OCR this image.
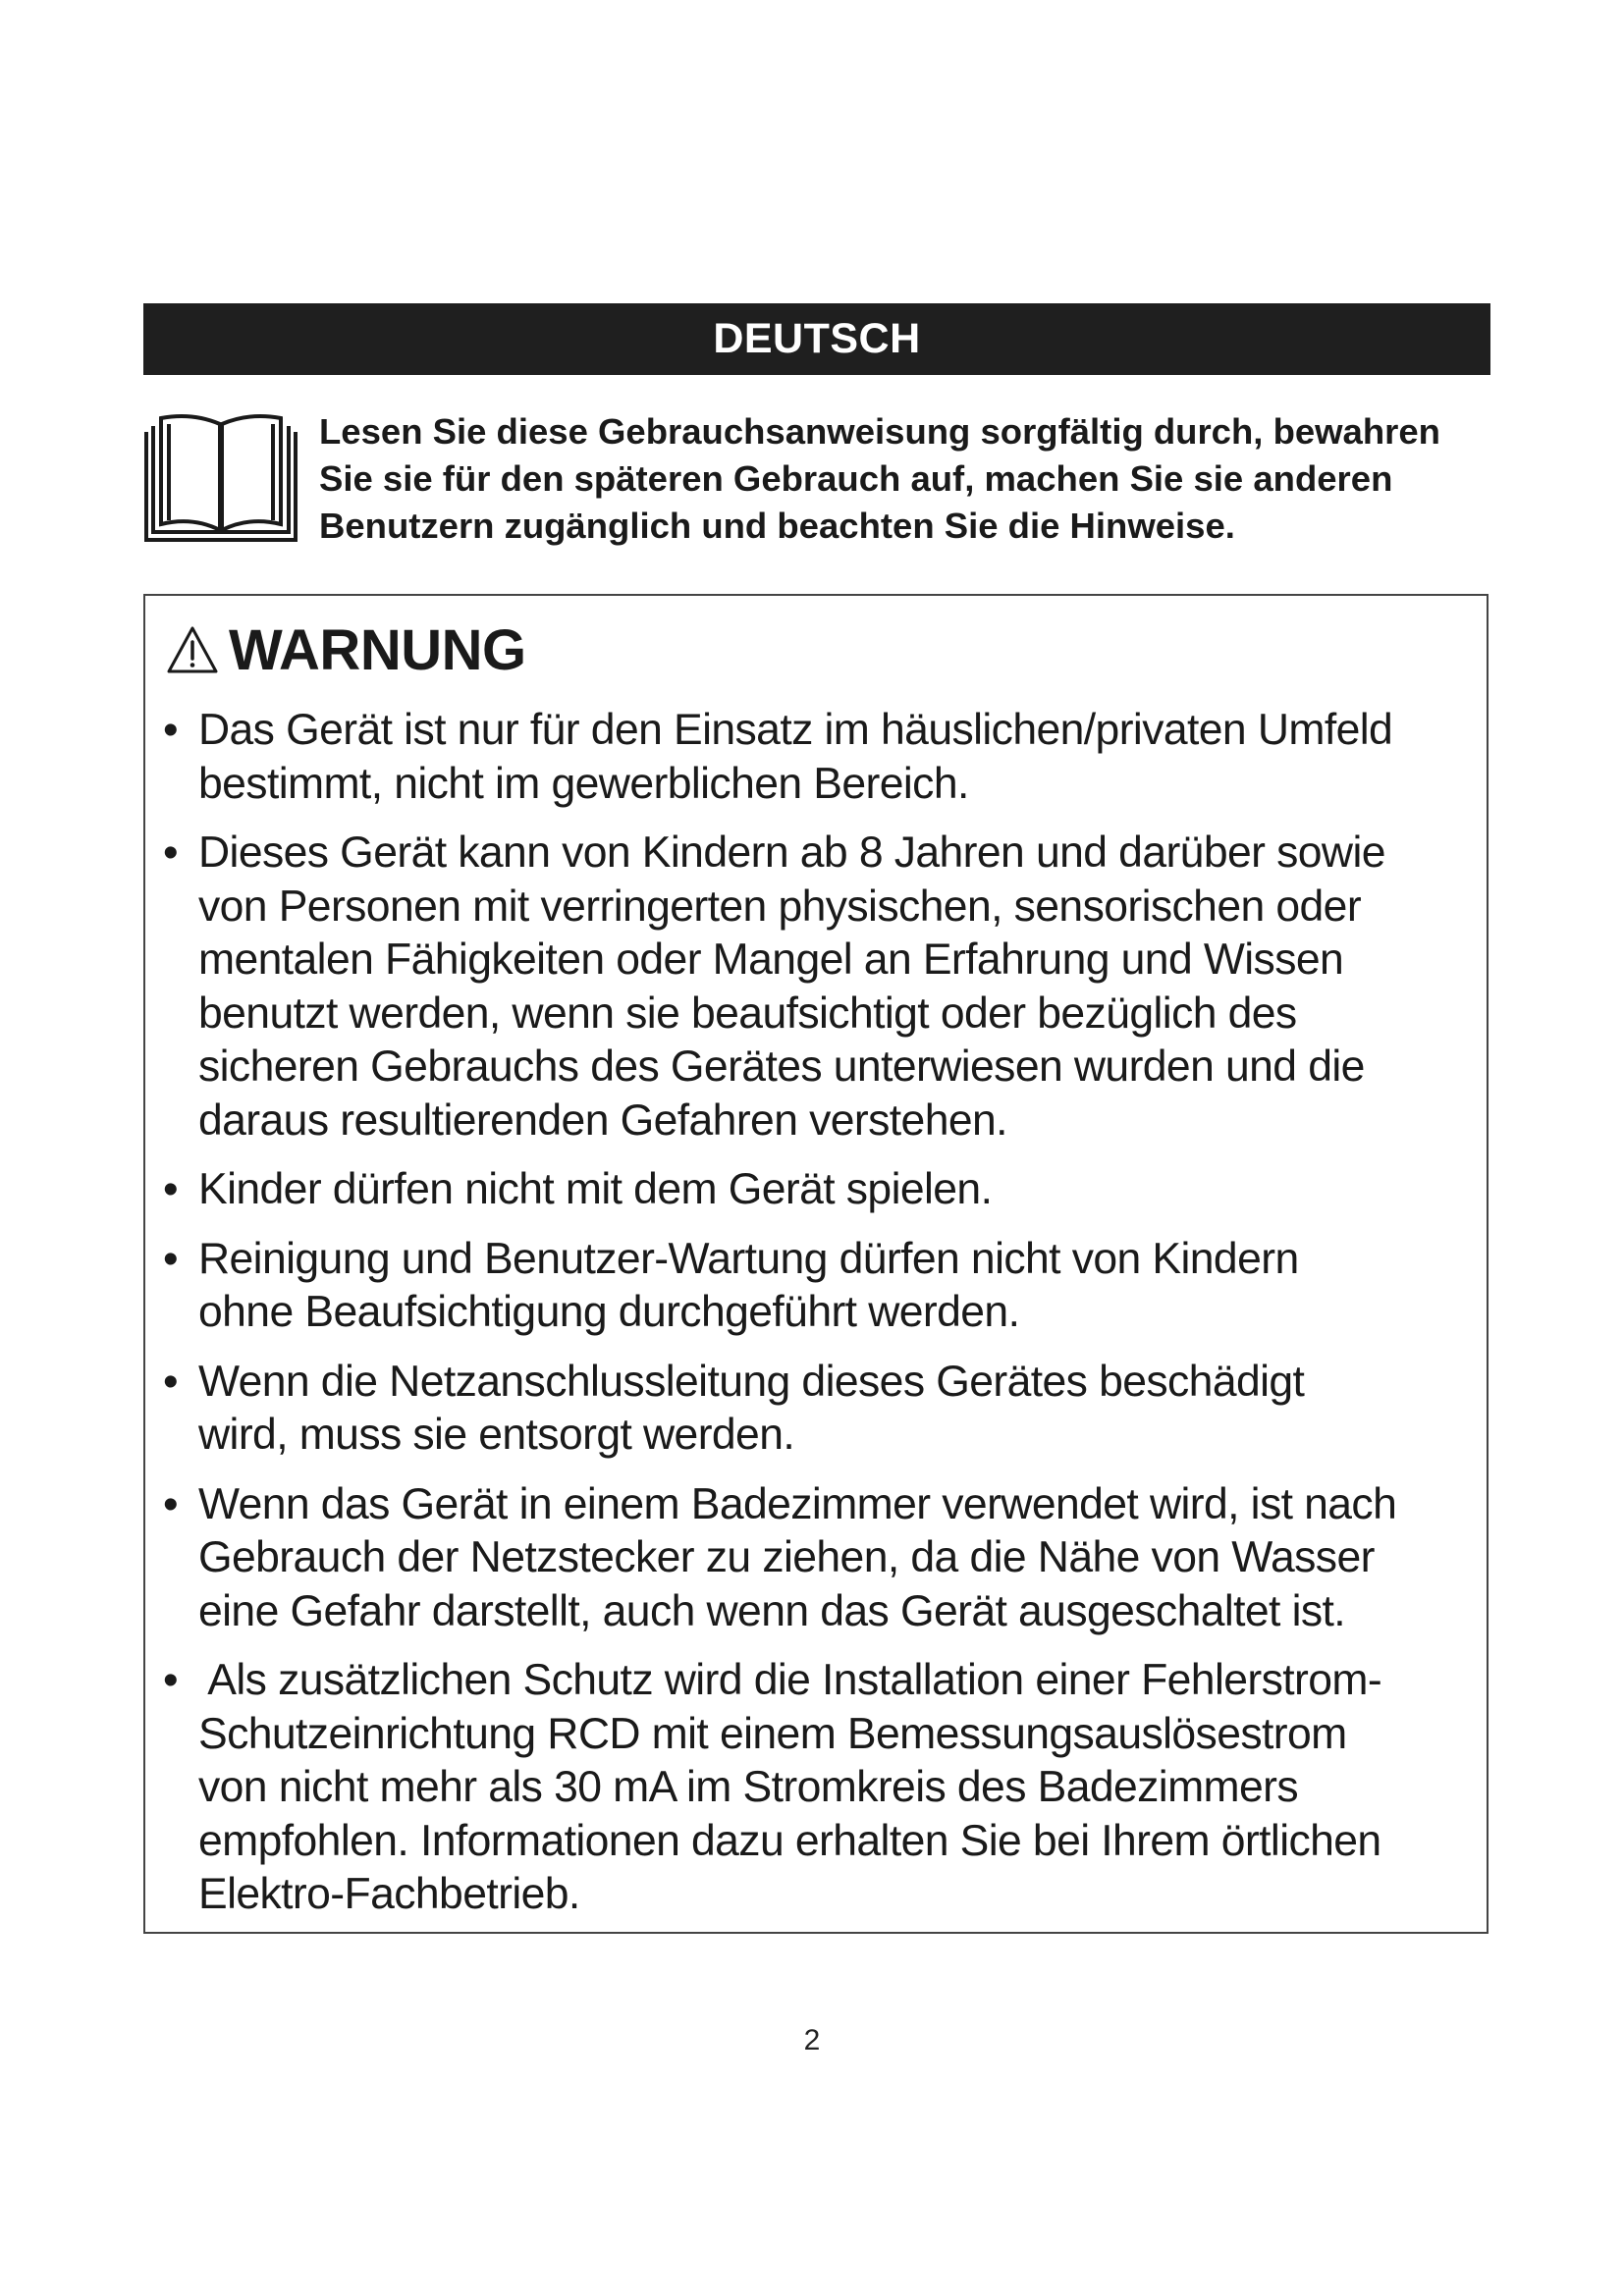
DEUTSCH
Lesen Sie diese Gebrauchsanweisung sorgfältig durch, bewahren
Sie sie für den späteren Gebrauch auf, machen Sie sie anderen
Benutzern zugänglich und beachten Sie die Hinweise.
WARNUNG
• Das Gerät ist nur für den Einsatz im häuslichen/privaten Umfeld
bestimmt, nicht im gewerblichen Bereich.
• Dieses Gerät kann von Kindern ab 8 Jahren und darüber sowie
von Personen mit verringerten physischen, sensorischen oder
mentalen Fähigkeiten oder Mangel an Erfahrung und Wissen
benutzt werden, wenn sie beaufsichtigt oder bezüglich des
sicheren Gebrauchs des Gerätes unterwiesen wurden und die
daraus resultierenden Gefahren verstehen.
• Kinder dürfen nicht mit dem Gerät spielen.
• Reinigung und Benutzer-Wartung dürfen nicht von Kindern
ohne Beaufsichtigung durchgeführt werden.
• Wenn die Netzanschlussleitung dieses Gerätes beschädigt
wird, muss sie entsorgt werden.
• Wenn das Gerät in einem Badezimmer verwendet wird, ist nach
Gebrauch der Netzstecker zu ziehen, da die Nähe von Wasser
eine Gefahr darstellt, auch wenn das Gerät ausgeschaltet ist.
• Als zusätzlichen Schutz wird die Installation einer Fehlerstrom-
Schutzeinrichtung RCD mit einem Bemessungsauslösestrom
von nicht mehr als 30 mA im Stromkreis des Badezimmers
empfohlen. Informationen dazu erhalten Sie bei Ihrem örtlichen
Elektro-Fachbetrieb.
2
